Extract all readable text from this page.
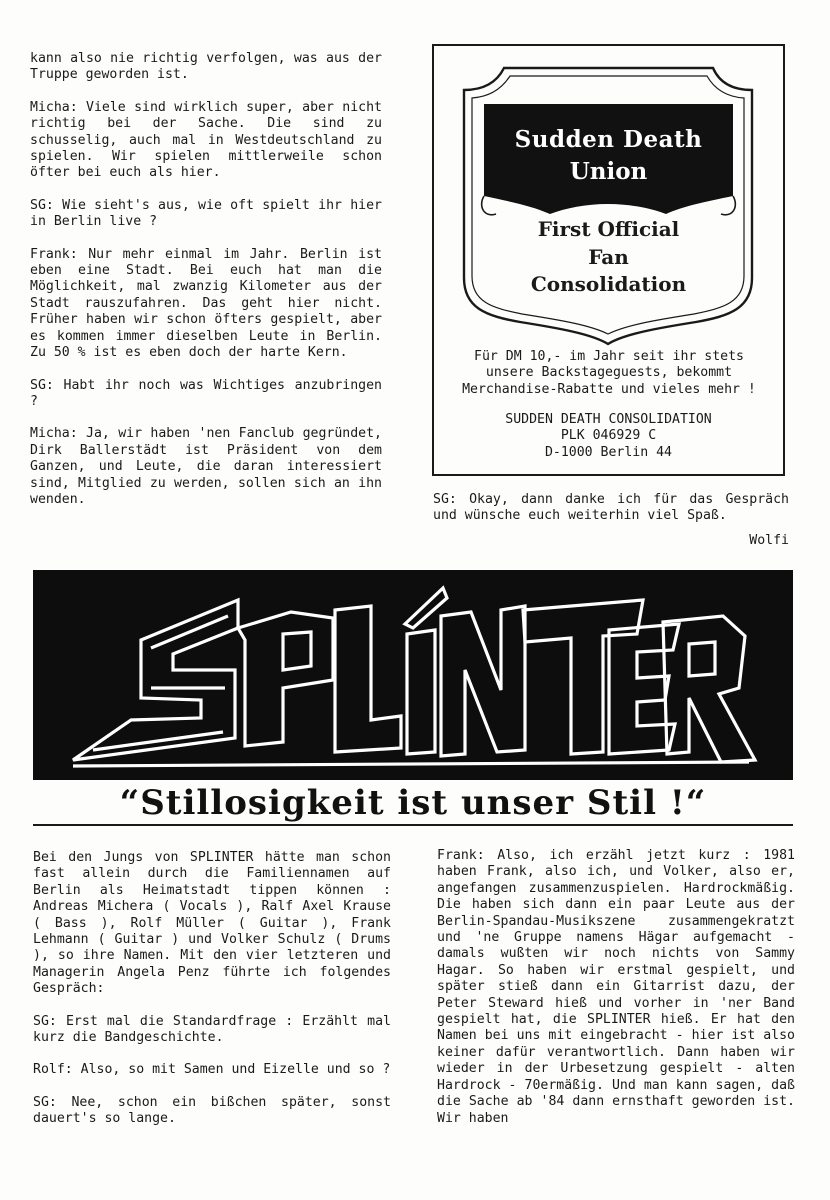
kann also nie richtig verfolgen, was aus der Truppe geworden ist.

Micha: Viele sind wirklich super, aber nicht richtig bei der Sache. Die sind zu schusselig, auch mal in Westdeutschland zu spielen. Wir spielen mittlerweile schon öfter bei euch als hier.

SG: Wie sieht's aus, wie oft spielt ihr hier in Berlin live ?

Frank: Nur mehr einmal im Jahr. Berlin ist eben eine Stadt. Bei euch hat man die Möglichkeit, mal zwanzig Kilometer aus der Stadt rauszufahren. Das geht hier nicht. Früher haben wir schon öfters gespielt, aber es kommen immer dieselben Leute in Berlin. Zu 50 % ist es eben doch der harte Kern.

SG: Habt ihr noch was Wichtiges anzubringen ?

Micha: Ja, wir haben 'nen Fanclub gegründet, Dirk Ballerstädt ist Präsident von dem Ganzen, und Leute, die daran interessiert sind, Mitglied zu werden, sollen sich an ihn wenden.

Sudden Death
Union
First Official
Fan
Consolidation
Für DM 10,- im Jahr seit ihr stets unsere Backstageguests, bekommt Merchandise-Rabatte und vieles mehr !
SUDDEN DEATH CONSOLIDATION
PLK 046929 C
D-1000 Berlin 44

SG: Okay, dann danke ich für das Gespräch und wünsche euch weiterhin viel Spaß.

Wolfi
“Stillosigkeit ist unser Stil !“

Bei den Jungs von SPLINTER hätte man schon fast allein durch die Familiennamen auf Berlin als Heimatstadt tippen können : Andreas Michera ( Vocals ), Ralf Axel Krause ( Bass ), Rolf Müller ( Guitar ), Frank Lehmann ( Guitar ) und Volker Schulz ( Drums ), so ihre Namen. Mit den vier letzteren und Managerin Angela Penz führte ich folgendes Gespräch:

SG: Erst mal die Standardfrage : Erzählt mal kurz die Bandgeschichte.

Rolf: Also, so mit Samen und Eizelle und so ?

SG: Nee, schon ein bißchen später, sonst dauert's so lange.

Frank: Also, ich erzähl jetzt kurz : 1981 haben Frank, also ich, und Volker, also er, angefangen zusammenzuspielen. Hardrockmäßig. Die haben sich dann ein paar Leute aus der Berlin-Spandau-Musikszene zusammengekratzt und 'ne Gruppe namens Hägar aufgemacht - damals wußten wir noch nichts von Sammy Hagar. So haben wir erstmal gespielt, und später stieß dann ein Gitarrist dazu, der Peter Steward hieß und vorher in 'ner Band gespielt hat, die SPLINTER hieß. Er hat den Namen bei uns mit eingebracht - hier ist also keiner dafür verantwortlich. Dann haben wir wieder in der Urbesetzung gespielt - alten Hardrock - 70ermäßig. Und man kann sagen, daß die Sache ab '84 dann ernsthaft geworden ist. Wir haben
